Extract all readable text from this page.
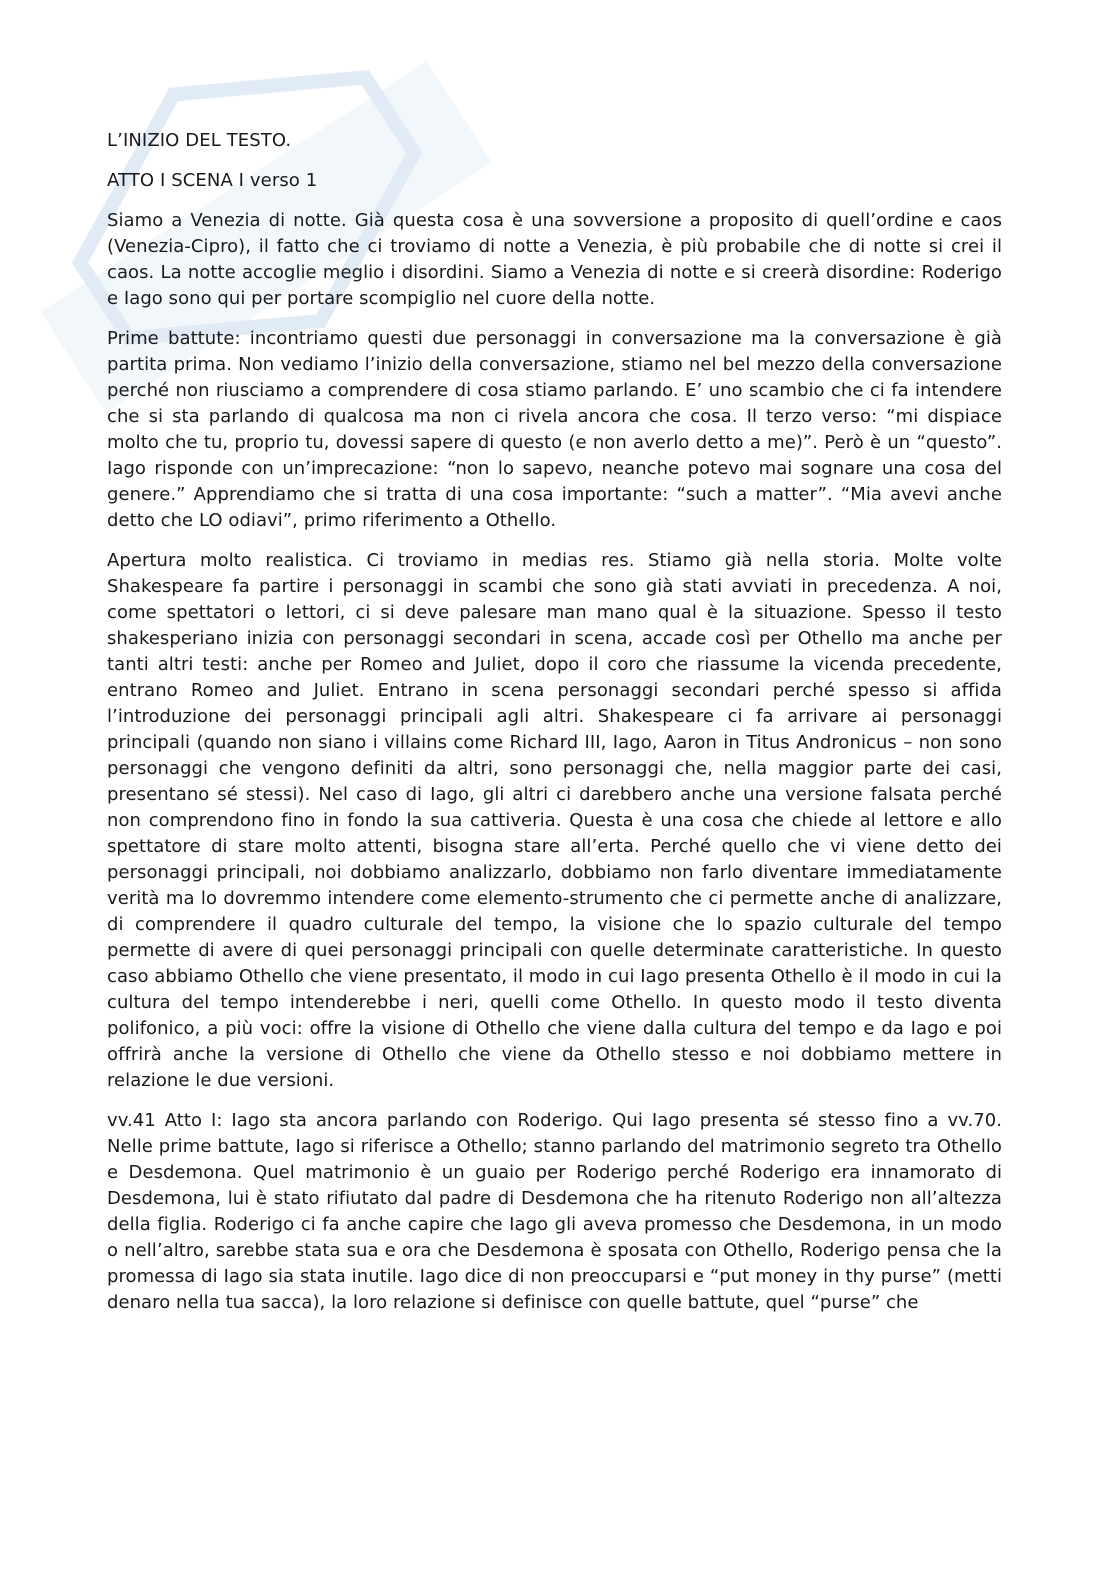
L’INIZIO DEL TESTO.
ATTO I SCENA I verso 1

Siamo a Venezia di notte. Già questa cosa è una sovversione a proposito di quell’ordine e caos (Venezia-Cipro), il fatto che ci troviamo di notte a Venezia, è più probabile che di notte si crei il caos. La notte accoglie meglio i disordini. Siamo a Venezia di notte e si creerà disordine: Roderigo e Iago sono qui per portare scompiglio nel cuore della notte.

Prime battute: incontriamo questi due personaggi in conversazione ma la conversazione è già partita prima. Non vediamo l’inizio della conversazione, stiamo nel bel mezzo della conversazione perché non riusciamo a comprendere di cosa stiamo parlando. E’ uno scambio che ci fa intendere che si sta parlando di qualcosa ma non ci rivela ancora che cosa. Il terzo verso: “mi dispiace molto che tu, proprio tu, dovessi sapere di questo (e non averlo detto a me)”. Però è un “questo”. Iago risponde con un’imprecazione: “non lo sapevo, neanche potevo mai sognare una cosa del genere.” Apprendiamo che si tratta di una cosa importante: “such a matter”. “Mia avevi anche detto che LO odiavi”, primo riferimento a Othello.

Apertura molto realistica. Ci troviamo in medias res. Stiamo già nella storia. Molte volte Shakespeare fa partire i personaggi in scambi che sono già stati avviati in precedenza. A noi, come spettatori o lettori, ci si deve palesare man mano qual è la situazione. Spesso il testo shakesperiano inizia con personaggi secondari in scena, accade così per Othello ma anche per tanti altri testi: anche per Romeo and Juliet, dopo il coro che riassume la vicenda precedente, entrano Romeo and Juliet. Entrano in scena personaggi secondari perché spesso si affida l’introduzione dei personaggi principali agli altri. Shakespeare ci fa arrivare ai personaggi principali (quando non siano i villains come Richard III, Iago, Aaron in Titus Andronicus – non sono personaggi che vengono definiti da altri, sono personaggi che, nella maggior parte dei casi, presentano sé stessi). Nel caso di Iago, gli altri ci darebbero anche una versione falsata perché non comprendono fino in fondo la sua cattiveria. Questa è una cosa che chiede al lettore e allo spettatore di stare molto attenti, bisogna stare all’erta. Perché quello che vi viene detto dei personaggi principali, noi dobbiamo analizzarlo, dobbiamo non farlo diventare immediatamente verità ma lo dovremmo intendere come elemento-strumento che ci permette anche di analizzare, di comprendere il quadro culturale del tempo, la visione che lo spazio culturale del tempo permette di avere di quei personaggi principali con quelle determinate caratteristiche. In questo caso abbiamo Othello che viene presentato, il modo in cui Iago presenta Othello è il modo in cui la cultura del tempo intenderebbe i neri, quelli come Othello. In questo modo il testo diventa polifonico, a più voci: offre la visione di Othello che viene dalla cultura del tempo e da Iago e poi offrirà anche la versione di Othello che viene da Othello stesso e noi dobbiamo mettere in relazione le due versioni.

vv.41 Atto I: Iago sta ancora parlando con Roderigo. Qui Iago presenta sé stesso fino a vv.70. Nelle prime battute, Iago si riferisce a Othello; stanno parlando del matrimonio segreto tra Othello e Desdemona. Quel matrimonio è un guaio per Roderigo perché Roderigo era innamorato di Desdemona, lui è stato rifiutato dal padre di Desdemona che ha ritenuto Roderigo non all’altezza della figlia. Roderigo ci fa anche capire che Iago gli aveva promesso che Desdemona, in un modo o nell’altro, sarebbe stata sua e ora che Desdemona è sposata con Othello, Roderigo pensa che la promessa di Iago sia stata inutile. Iago dice di non preoccuparsi e “put money in thy purse” (metti denaro nella tua sacca), la loro relazione si definisce con quelle battute, quel “purse” che
